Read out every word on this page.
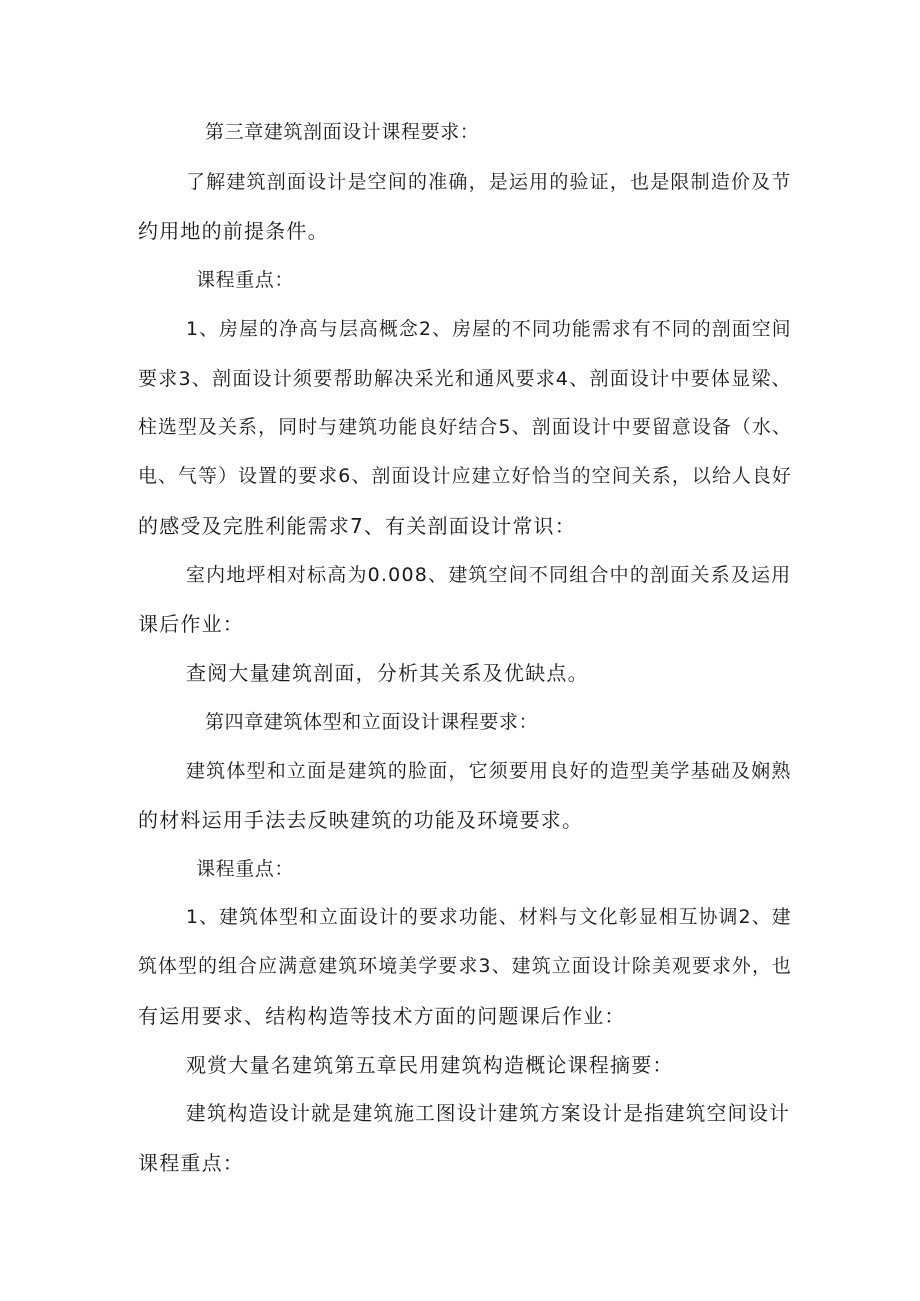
第三章建筑剖面设计课程要求：
了解建筑剖面设计是空间的准确，是运用的验证，也是限制造价及节
约用地的前提条件。
课程重点：
1、房屋的净高与层高概念2、房屋的不同功能需求有不同的剖面空间
要求3、剖面设计须要帮助解决采光和通风要求4、剖面设计中要体显梁、
柱选型及关系，同时与建筑功能良好结合5、剖面设计中要留意设备（水、
电、气等）设置的要求6、剖面设计应建立好恰当的空间关系，以给人良好
的感受及完胜利能需求7、有关剖面设计常识：
室内地坪相对标高为0.008、建筑空间不同组合中的剖面关系及运用
课后作业：
查阅大量建筑剖面，分析其关系及优缺点。
第四章建筑体型和立面设计课程要求：
建筑体型和立面是建筑的脸面，它须要用良好的造型美学基础及娴熟
的材料运用手法去反映建筑的功能及环境要求。
课程重点：
1、建筑体型和立面设计的要求功能、材料与文化彰显相互协调2、建
筑体型的组合应满意建筑环境美学要求3、建筑立面设计除美观要求外，也
有运用要求、结构构造等技术方面的问题课后作业：
观赏大量名建筑第五章民用建筑构造概论课程摘要：
建筑构造设计就是建筑施工图设计建筑方案设计是指建筑空间设计
课程重点：
